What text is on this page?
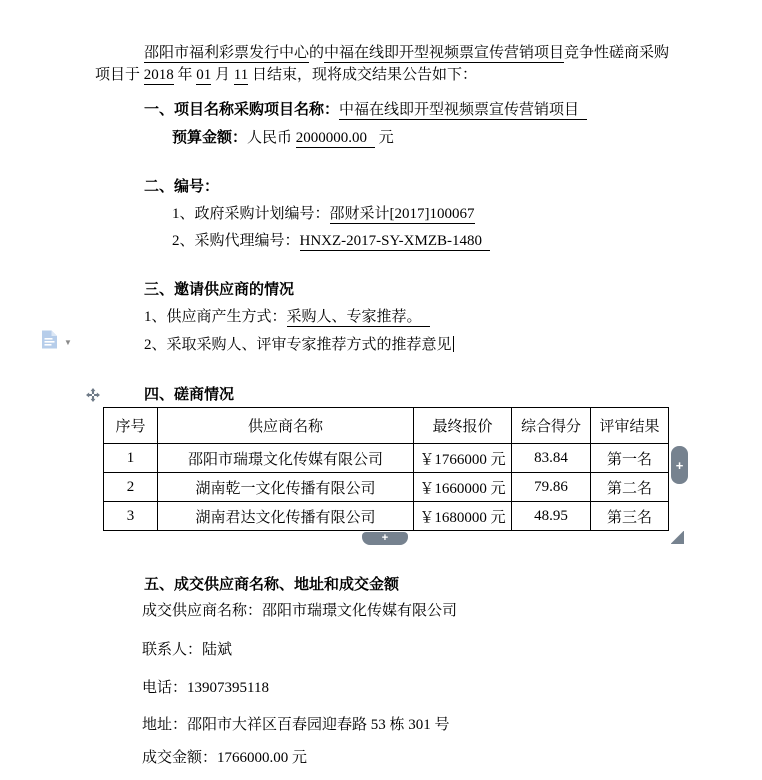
邵阳市福利彩票发行中心的中福在线即开型视频票宣传营销项目竞争性磋商采购项目于 2018 年 01 月 11 日结束，现将成交结果公告如下：

一、项目名称采购项目名称：中福在线即开型视频票宣传营销项目

预算金额：人民币 2000000.00 元

二、编号：

1、政府采购计划编号：邵财采计[2017]100067

2、采购代理编号：HNXZ-2017-SY-XMZB-1480

三、邀请供应商的情况

1、供应商产生方式：采购人、专家推荐。

2、采取采购人、评审专家推荐方式的推荐意见

▼

四、磋商情况

序号	供应商名称	最终报价	综合得分	评审结果
1	邵阳市瑞璟文化传媒有限公司	￥1766000 元	83.84	第一名
2	湖南乾一文化传播有限公司	￥1660000 元	79.86	第二名
3	湖南君达文化传播有限公司	￥1680000 元	48.95	第三名
+
+

五、成交供应商名称、地址和成交金额

成交供应商名称：邵阳市瑞璟文化传媒有限公司

联系人：陆斌

电话：13907395118

地址：邵阳市大祥区百春园迎春路 53 栋 301 号

成交金额：1766000.00 元
